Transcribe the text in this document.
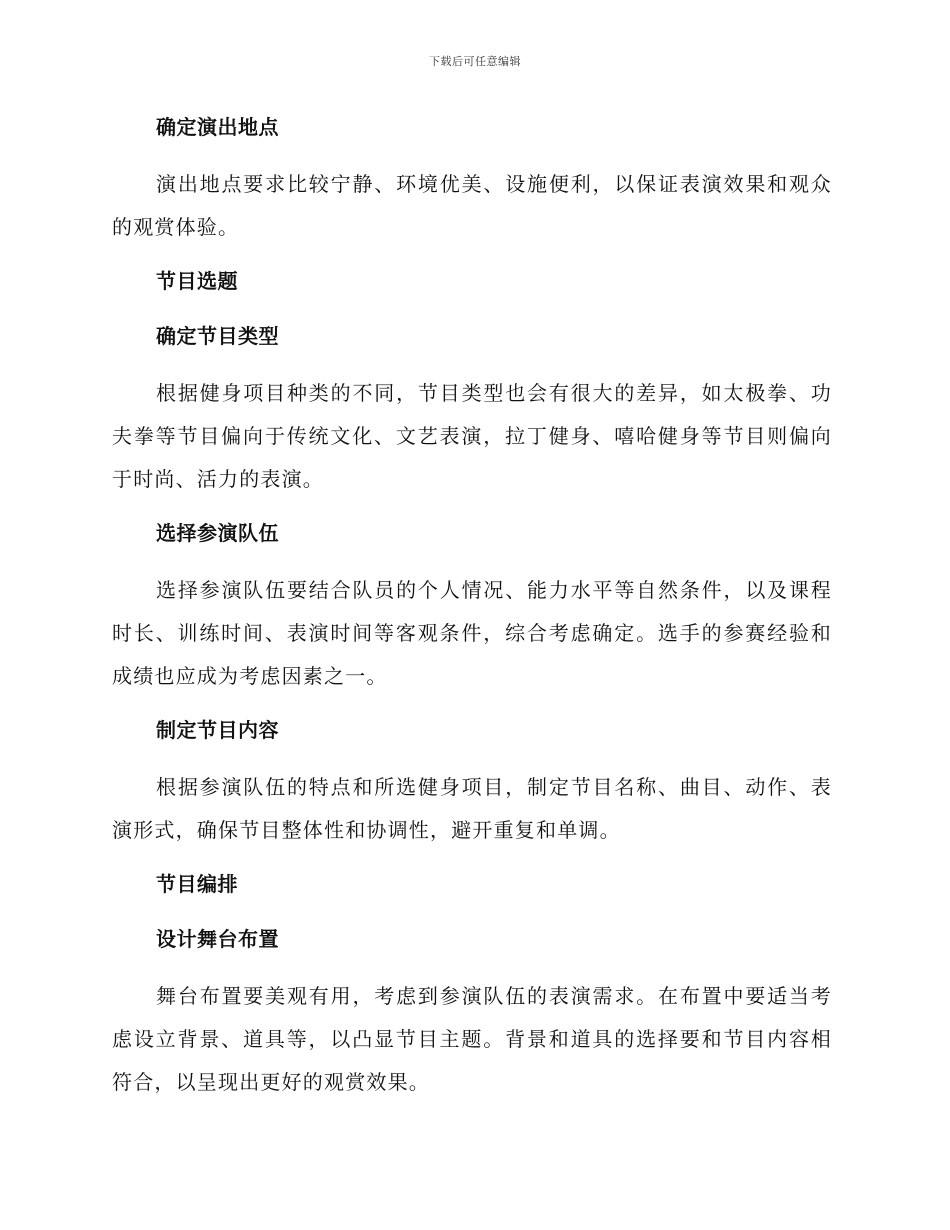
下载后可任意编辑
确定演出地点

演出地点要求比较宁静、环境优美、设施便利，以保证表演效果和观众的观赏体验。

节目选题
确定节目类型

根据健身项目种类的不同，节目类型也会有很大的差异，如太极拳、功夫拳等节目偏向于传统文化、文艺表演，拉丁健身、嘻哈健身等节目则偏向于时尚、活力的表演。

选择参演队伍

选择参演队伍要结合队员的个人情况、能力水平等自然条件，以及课程时长、训练时间、表演时间等客观条件，综合考虑确定。选手的参赛经验和成绩也应成为考虑因素之一。

制定节目内容

根据参演队伍的特点和所选健身项目，制定节目名称、曲目、动作、表演形式，确保节目整体性和协调性，避开重复和单调。

节目编排
设计舞台布置

舞台布置要美观有用，考虑到参演队伍的表演需求。在布置中要适当考虑设立背景、道具等，以凸显节目主题。背景和道具的选择要和节目内容相符合，以呈现出更好的观赏效果。
